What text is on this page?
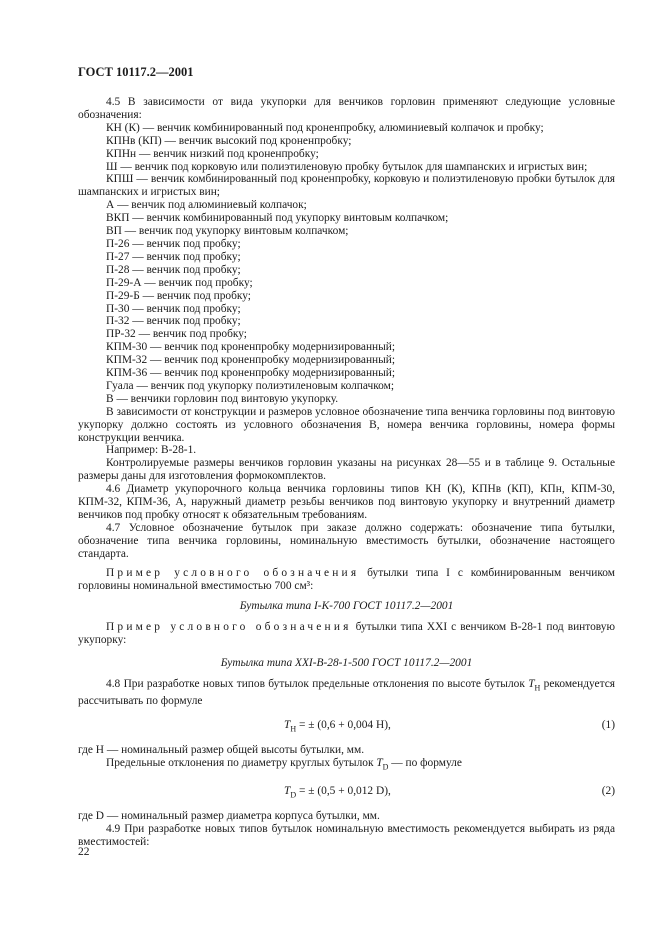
ГОСТ 10117.2—2001

4.5 В зависимости от вида укупорки для венчиков горловин применяют следующие условные обозначения:

КН (К) — венчик комбинированный под кроненпробку, алюминиевый колпачок и пробку;

КПНв (КП) — венчик высокий под кроненпробку;

КПНн — венчик низкий под кроненпробку;

Ш — венчик под корковую или полиэтиленовую пробку бутылок для шампанских и игристых вин;

КПШ — венчик комбинированный под кроненпробку, корковую и полиэтиленовую пробки бутылок для шампанских и игристых вин;

А — венчик под алюминиевый колпачок;

ВКП — венчик комбинированный под укупорку винтовым колпачком;

ВП — венчик под укупорку винтовым колпачком;

П-26 — венчик под пробку;

П-27 — венчик под пробку;

П-28 — венчик под пробку;

П-29-А — венчик под пробку;

П-29-Б — венчик под пробку;

П-30 — венчик под пробку;

П-32 — венчик под пробку;

ПР-32 — венчик под пробку;

КПМ-30 — венчик под кроненпробку модернизированный;

КПМ-32 — венчик под кроненпробку модернизированный;

КПМ-36 — венчик под кроненпробку модернизированный;

Гуала — венчик под укупорку полиэтиленовым колпачком;

В — венчики горловин под винтовую укупорку.

В зависимости от конструкции и размеров условное обозначение типа венчика горловины под винтовую укупорку должно состоять из условного обозначения В, номера венчика горловины, номера формы конструкции венчика.

Например: В-28-1.

Контролируемые размеры венчиков горловин указаны на рисунках 28—55 и в таблице 9. Остальные размеры даны для изготовления формокомплектов.

4.6 Диаметр укупорочного кольца венчика горловины типов КН (К), КПНв (КП), КПн, КПМ-30, КПМ-32, КПМ-36, А, наружный диаметр резьбы венчиков под винтовую укупорку и внутренний диаметр венчиков под пробку относят к обязательным требованиям.

4.7 Условное обозначение бутылок при заказе должно содержать: обозначение типа бутылки, обозначение типа венчика горловины, номинальную вместимость бутылки, обозначение настоящего стандарта.

Пример условного обозначения бутылки типа I с комбинированным венчиком горловины номинальной вместимостью 700 см³:

Бутылка типа I-К-700 ГОСТ 10117.2—2001

Пример условного обозначения бутылки типа XXI с венчиком В-28-1 под винтовую укупорку:

Бутылка типа XXI-В-28-1-500 ГОСТ 10117.2—2001

4.8 При разработке новых типов бутылок предельные отклонения по высоте бутылок $T_H$ рекомендуется рассчитывать по формуле

$T_H$ = ± (0,6 + 0,004 H),	(1)

где H — номинальный размер общей высоты бутылки, мм.

Предельные отклонения по диаметру круглых бутылок $T_D$ — по формуле

$T_D$ = ± (0,5 + 0,012 D),	(2)

где D — номинальный размер диаметра корпуса бутылки, мм.

4.9 При разработке новых типов бутылок номинальную вместимость рекомендуется выбирать из ряда вместимостей:

22
